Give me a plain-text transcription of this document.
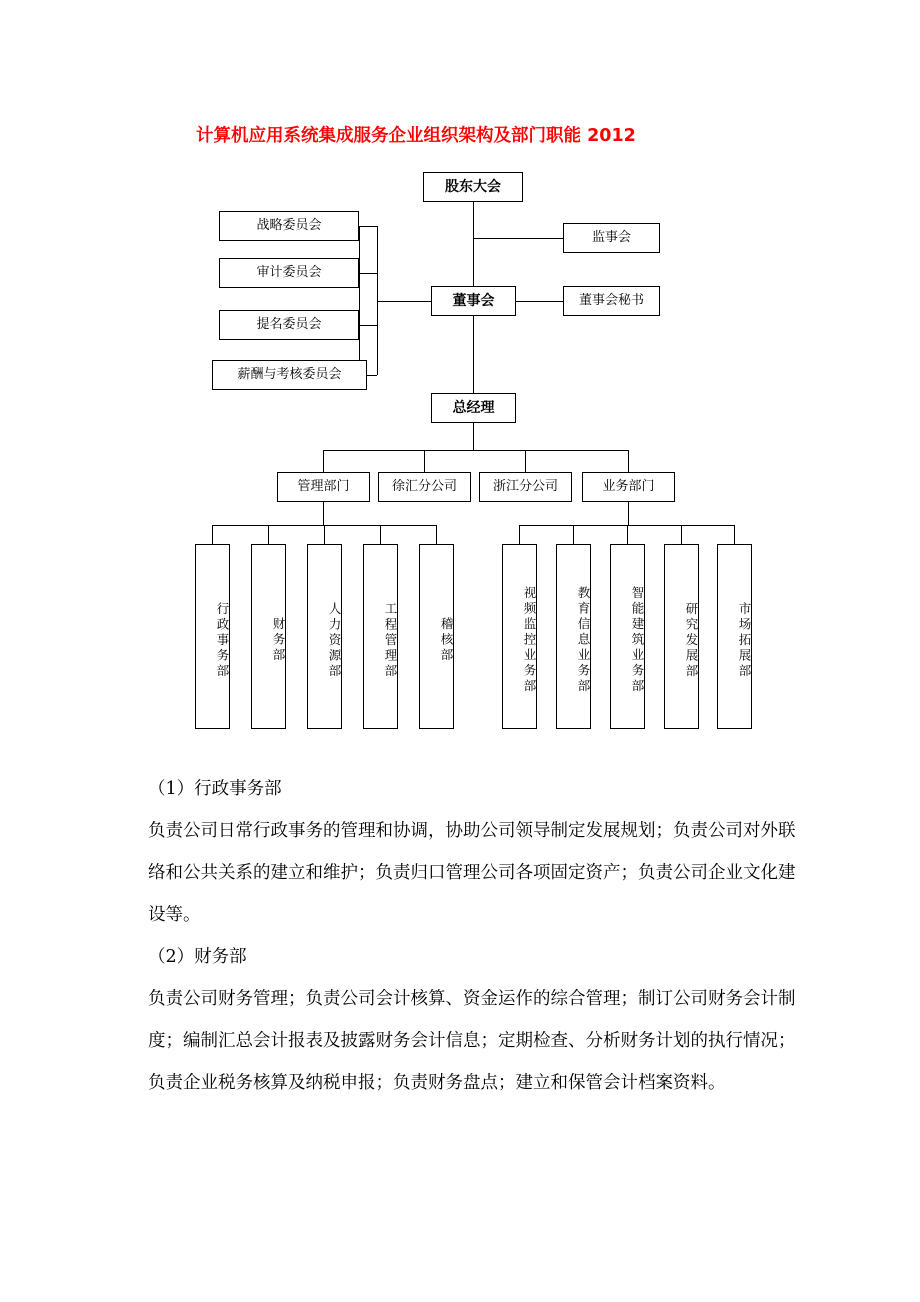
计算机应用系统集成服务企业组织架构及部门职能 2012
股东大会
监事会
董事会	董事会秘书
战略委员会
审计委员会
提名委员会
薪酬与考核委员会
总经理
管理部门	徐汇分公司	浙江分公司	业务部门
行政事务部	财务部	人力资源部	工程管理部	稽核部	视频监控业务部	教育信息业务部	智能建筑业务部	研究发展部	市场拓展部

（1）行政事务部

负责公司日常行政事务的管理和协调，协助公司领导制定发展规划；负责公司对外联络和公共关系的建立和维护；负责归口管理公司各项固定资产；负责公司企业文化建设等。

（2）财务部

负责公司财务管理；负责公司会计核算、资金运作的综合管理；制订公司财务会计制度；编制汇总会计报表及披露财务会计信息；定期检查、分析财务计划的执行情况；负责企业税务核算及纳税申报；负责财务盘点；建立和保管会计档案资料。
